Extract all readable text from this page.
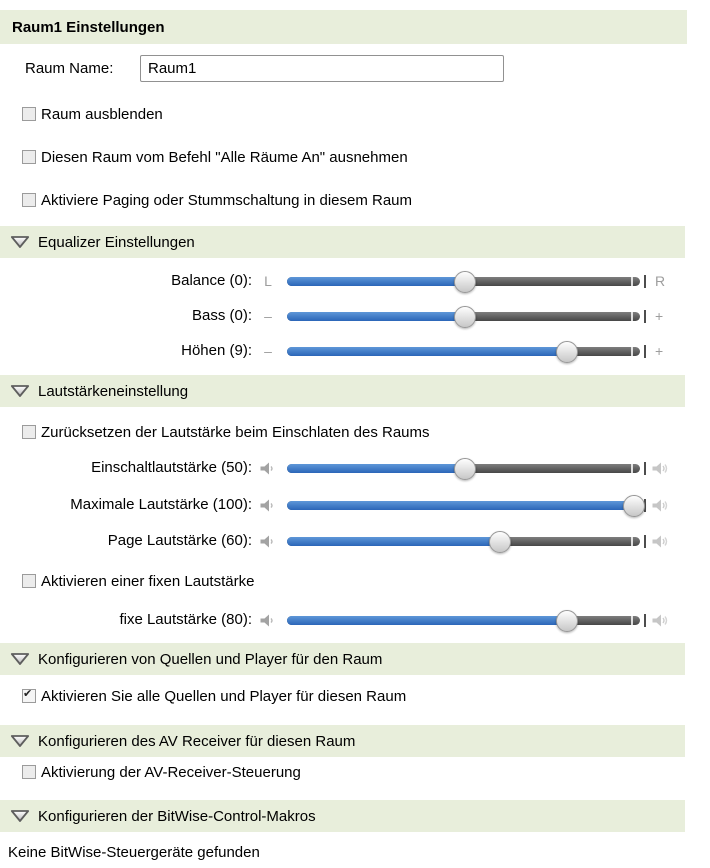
Raum1 Einstellungen
Raum Name:
Raum1
Raum ausblenden
Diesen Raum vom Befehl "Alle Räume An" ausnehmen
Aktiviere Paging oder Stummschaltung in diesem Raum
Equalizer Einstellungen
Balance (0): L	R
Bass (0): –	+
Höhen (9): –	+
Lautstärkeneinstellung
Zurücksetzen der Lautstärke beim Einschlaten des Raums
Einschaltlautstärke (50):
Maximale Lautstärke (100):
Page Lautstärke (60):
Aktivieren einer fixen Lautstärke
fixe Lautstärke (80):
Konfigurieren von Quellen und Player für den Raum
✔
Aktivieren Sie alle Quellen und Player für diesen Raum
Konfigurieren des AV Receiver für diesen Raum
Aktivierung der AV-Receiver-Steuerung
Konfigurieren der BitWise-Control-Makros
Keine BitWise-Steuergeräte gefunden
